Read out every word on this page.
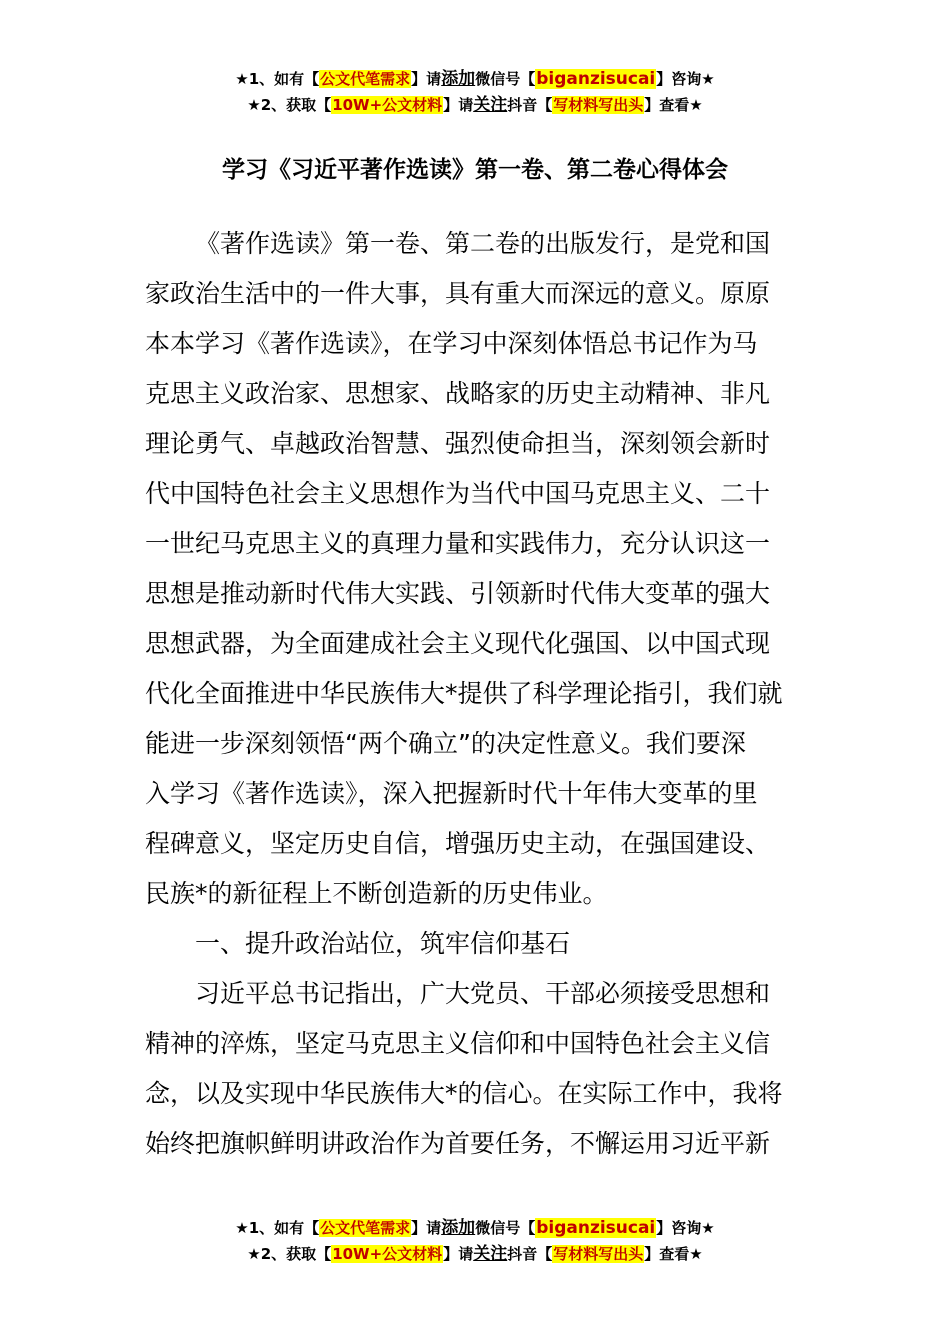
★1、如有【公文代笔需求】请添加微信号【biganzisucai】咨询★
★2、获取【10W+公文材料】请关注抖音【写材料写出头】查看★
学习《习近平著作选读》第一卷、第二卷心得体会
《著作选读》第一卷、第二卷的出版发行，是党和国
家政治生活中的一件大事，具有重大而深远的意义。原原
本本学习《著作选读》，在学习中深刻体悟总书记作为马
克思主义政治家、思想家、战略家的历史主动精神、非凡
理论勇气、卓越政治智慧、强烈使命担当，深刻领会新时
代中国特色社会主义思想作为当代中国马克思主义、二十
一世纪马克思主义的真理力量和实践伟力，充分认识这一
思想是推动新时代伟大实践、引领新时代伟大变革的强大
思想武器，为全面建成社会主义现代化强国、以中国式现
代化全面推进中华民族伟大*提供了科学理论指引，我们就
能进一步深刻领悟“两个确立”的决定性意义。我们要深
入学习《著作选读》，深入把握新时代十年伟大变革的里
程碑意义，坚定历史自信，增强历史主动，在强国建设、
民族*的新征程上不断创造新的历史伟业。
一、提升政治站位，筑牢信仰基石
习近平总书记指出，广大党员、干部必须接受思想和
精神的淬炼，坚定马克思主义信仰和中国特色社会主义信
念，以及实现中华民族伟大*的信心。在实际工作中，我将
始终把旗帜鲜明讲政治作为首要任务，不懈运用习近平新
★1、如有【公文代笔需求】请添加微信号【biganzisucai】咨询★
★2、获取【10W+公文材料】请关注抖音【写材料写出头】查看★
